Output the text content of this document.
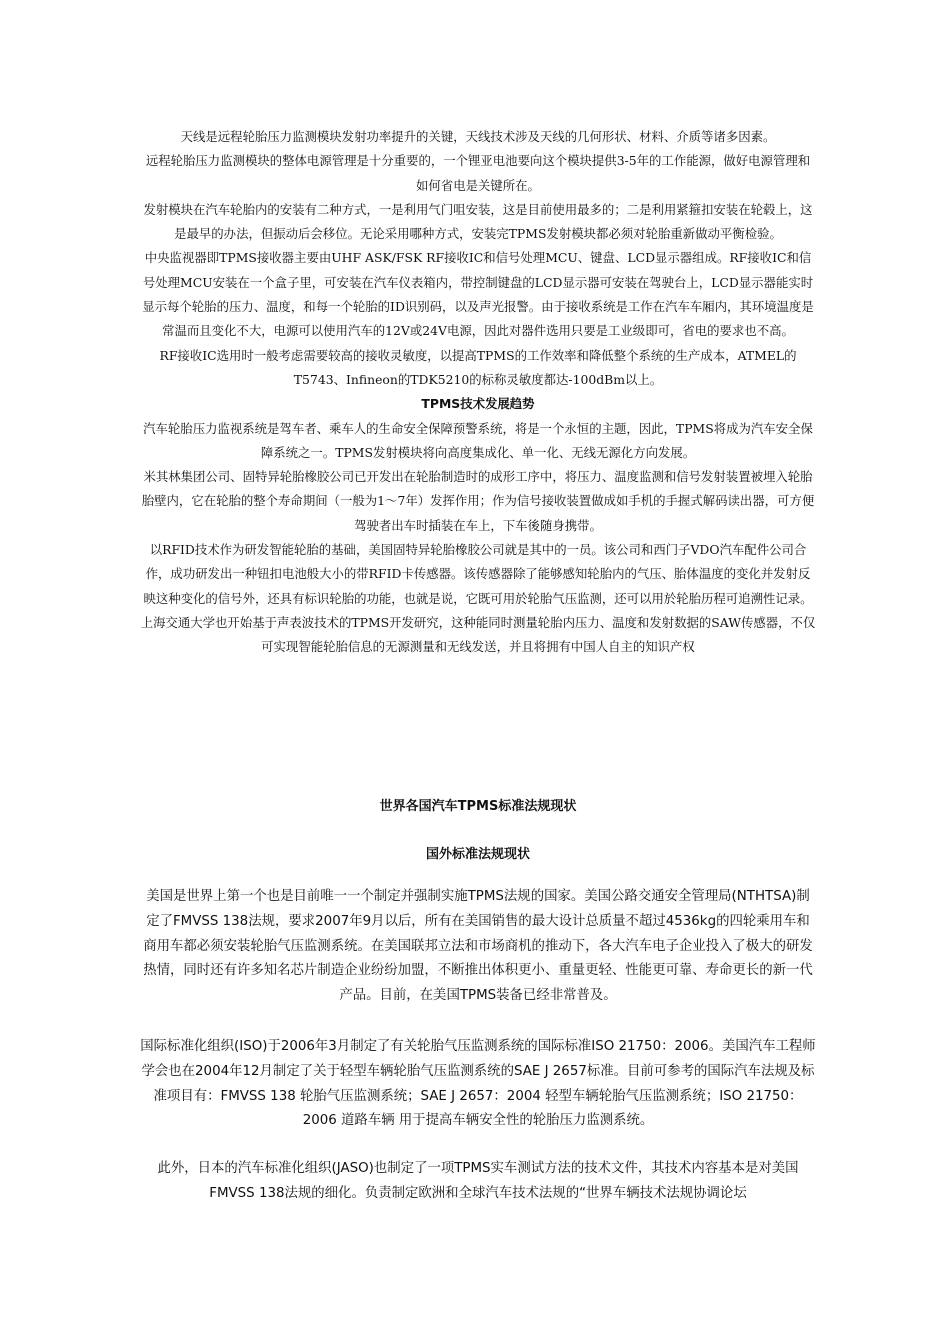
天线是远程轮胎压力监测模块发射功率提升的关键，天线技术涉及天线的几何形状、材料、介质等诸多因素。

远程轮胎压力监测模块的整体电源管理是十分重要的，一个锂亚电池要向这个模块提供3-5年的工作能源，做好电源管理和如何省电是关键所在。

发射模块在汽车轮胎内的安装有二种方式，一是利用气门咀安装，这是目前使用最多的；二是利用紧箍扣安装在轮毂上，这是最早的办法，但振动后会移位。无论采用哪种方式，安装完TPMS发射模块都必须对轮胎重新做动平衡检验。

中央监视器即TPMS接收器主要由UHF ASK/FSK RF接收IC和信号处理MCU、键盘、LCD显示器组成。RF接收IC和信号处理MCU安装在一个盒子里，可安装在汽车仪表箱内，带控制键盘的LCD显示器可安装在驾驶台上，LCD显示器能实时显示每个轮胎的压力、温度，和每一个轮胎的ID识别码，以及声光报警。由于接收系统是工作在汽车车厢内，其环境温度是常温而且变化不大，电源可以使用汽车的12V或24V电源，因此对器件选用只要是工业级即可，省电的要求也不高。

RF接收IC选用时一般考虑需要较高的接收灵敏度，以提高TPMS的工作效率和降低整个系统的生产成本，ATMEL的T5743、Infineon的TDK5210的标称灵敏度都达-100dBm以上。

TPMS技术发展趋势

汽车轮胎压力监视系统是驾车者、乘车人的生命安全保障预警系统，将是一个永恒的主题，因此，TPMS将成为汽车安全保障系统之一。TPMS发射模块将向高度集成化、单一化、无线无源化方向发展。

米其林集团公司、固特异轮胎橡胶公司已开发出在轮胎制造时的成形工序中，将压力、温度监测和信号发射装置被埋入轮胎胎壁内，它在轮胎的整个寿命期间（一般为1～7年）发挥作用；作为信号接收装置做成如手机的手握式解码读出器，可方便驾驶者出车时插装在车上，下车後随身携带。

以RFID技术作为研发智能轮胎的基础，美国固特异轮胎橡胶公司就是其中的一员。该公司和西门子VDO汽车配件公司合作，成功研发出一种钮扣电池般大小的带RFID卡传感器。该传感器除了能够感知轮胎内的气压、胎体温度的变化并发射反映这种变化的信号外，还具有标识轮胎的功能，也就是说，它既可用於轮胎气压监测，还可以用於轮胎历程可追溯性记录。上海交通大学也开始基于声表波技术的TPMS开发研究，这种能同时测量轮胎内压力、温度和发射数据的SAW传感器，不仅可实现智能轮胎信息的无源测量和无线发送，并且将拥有中国人自主的知识产权

世界各国汽车TPMS标准法规现状

国外标准法规现状

美国是世界上第一个也是目前唯一一个制定并强制实施TPMS法规的国家。美国公路交通安全管理局(NTHTSA)制定了FMVSS 138法规，要求2007年9月以后，所有在美国销售的最大设计总质量不超过4536kg的四轮乘用车和商用车都必须安装轮胎气压监测系统。在美国联邦立法和市场商机的推动下，各大汽车电子企业投入了极大的研发热情，同时还有许多知名芯片制造企业纷纷加盟，不断推出体积更小、重量更轻、性能更可靠、寿命更长的新一代产品。目前，在美国TPMS装备已经非常普及。

国际标准化组织(ISO)于2006年3月制定了有关轮胎气压监测系统的国际标准ISO 21750：2006。美国汽车工程师学会也在2004年12月制定了关于轻型车辆轮胎气压监测系统的SAE J 2657标准。目前可参考的国际汽车法规及标准项目有：FMVSS 138 轮胎气压监测系统；SAE J 2657：2004 轻型车辆轮胎气压监测系统；ISO 21750：2006 道路车辆 用于提高车辆安全性的轮胎压力监测系统。

此外，日本的汽车标准化组织(JASO)也制定了一项TPMS实车测试方法的技术文件，其技术内容基本是对美国FMVSS 138法规的细化。负责制定欧洲和全球汽车技术法规的“世界车辆技术法规协调论坛
